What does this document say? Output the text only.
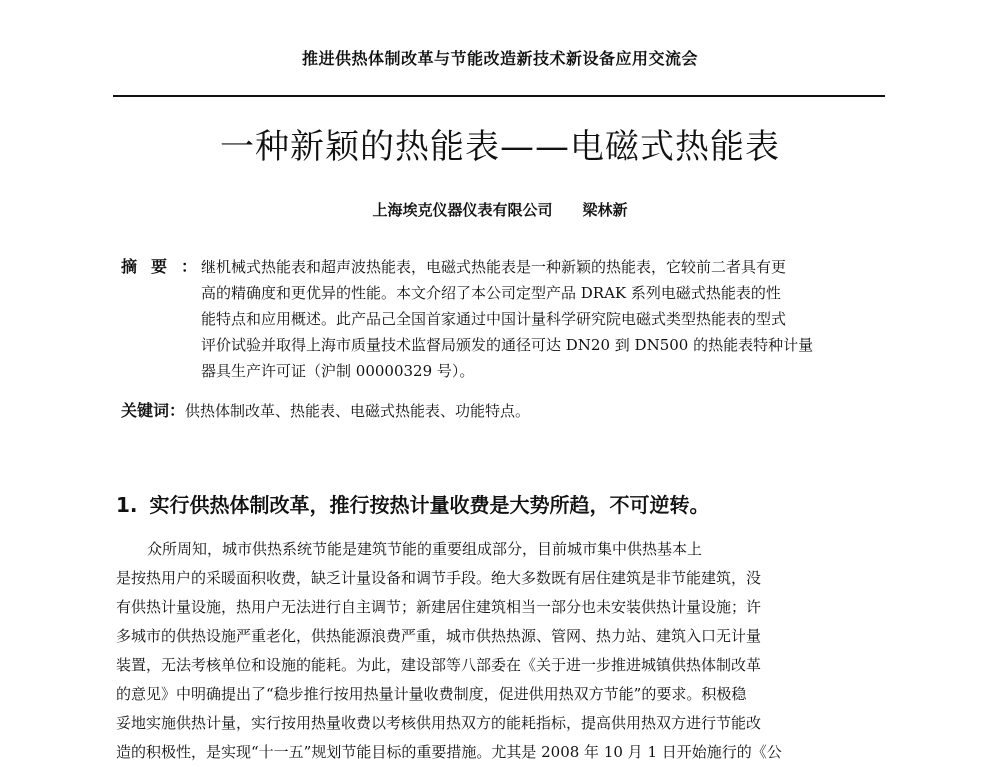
推进供热体制改革与节能改造新技术新设备应用交流会
一种新颖的热能表——电磁式热能表
上海埃克仪器仪表有限公司 梁林新
摘要：
继机械式热能表和超声波热能表，电磁式热能表是一种新颖的热能表，它较前二者具有更
高的精确度和更优异的性能。本文介绍了本公司定型产品 DRAK 系列电磁式热能表的性
能特点和应用概述。此产品己全国首家通过中国计量科学研究院电磁式类型热能表的型式
评价试验并取得上海市质量技术监督局颁发的通径可达 DN20 到 DN500 的热能表特种计量
器具生产许可证（沪制 00000329 号）。
关键词：供热体制改革、热能表、电磁式热能表、功能特点。
1. 实行供热体制改革，推行按热计量收费是大势所趋，不可逆转。
众所周知，城市供热系统节能是建筑节能的重要组成部分，目前城市集中供热基本上
是按热用户的采暖面积收费，缺乏计量设备和调节手段。绝大多数既有居住建筑是非节能建筑，没
有供热计量设施，热用户无法进行自主调节；新建居住建筑相当一部分也未安装供热计量设施；许
多城市的供热设施严重老化，供热能源浪费严重，城市供热热源、管网、热力站、建筑入口无计量
装置，无法考核单位和设施的能耗。为此，建设部等八部委在《关于进一步推进城镇供热体制改革
的意见》中明确提出了“稳步推行按用热量计量收费制度，促进供用热双方节能”的要求。积极稳
妥地实施供热计量，实行按用热量收费以考核供用热双方的能耗指标，提高供用热双方进行节能改
造的积极性，是实现“十一五”规划节能目标的重要措施。尤其是 2008 年 10 月 1 日开始施行的《公
